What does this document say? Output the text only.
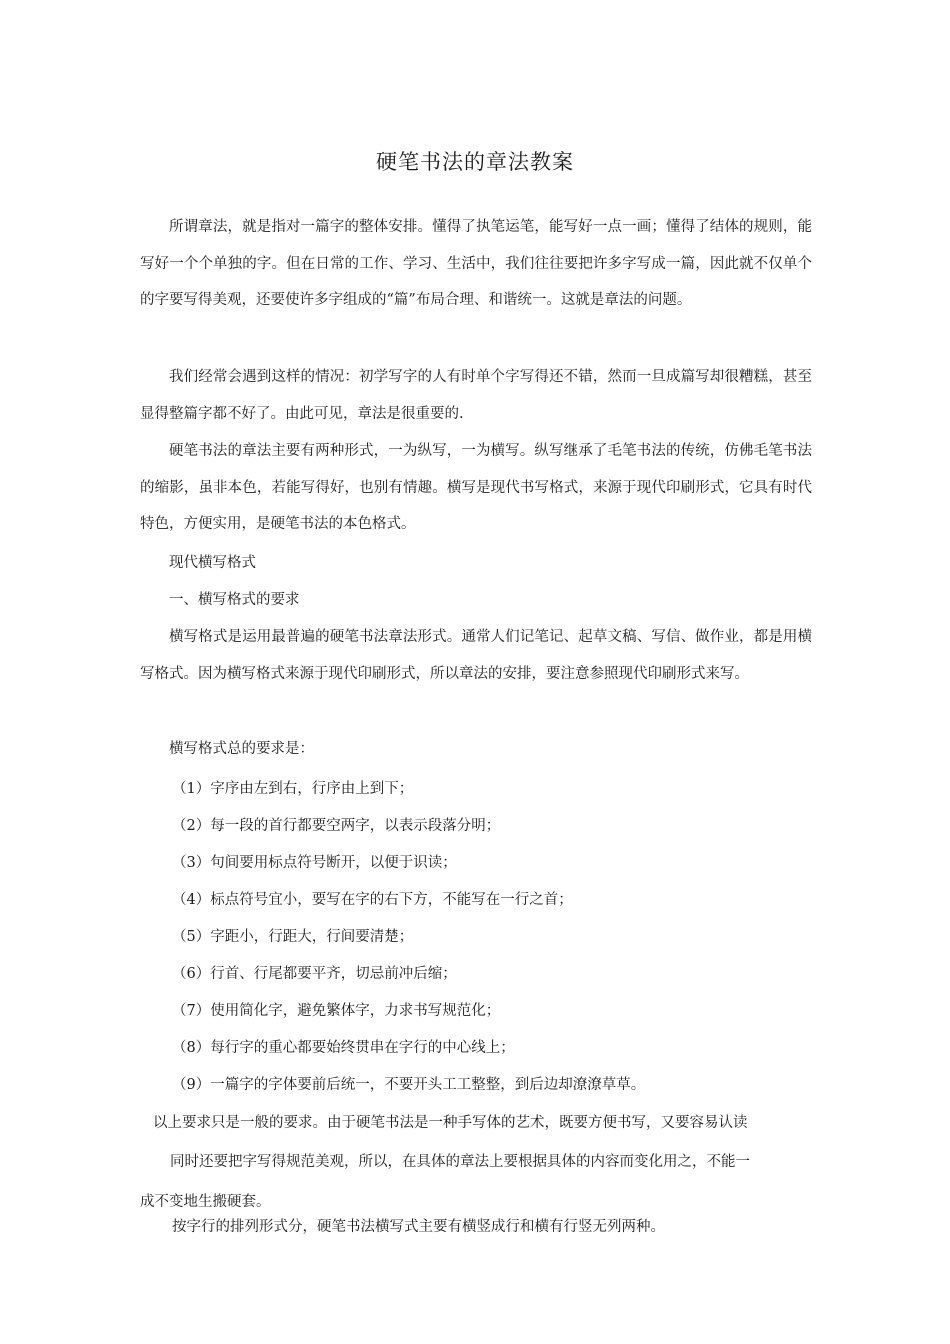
硬笔书法的章法教案

所谓章法，就是指对一篇字的整体安排。懂得了执笔运笔，能写好一点一画；懂得了结体的规则，能写好一个个单独的字。但在日常的工作、学习、生活中，我们往往要把许多字写成一篇，因此就不仅单个的字要写得美观，还要使许多字组成的“篇”布局合理、和谐统一。这就是章法的问题。

我们经常会遇到这样的情况：初学写字的人有时单个字写得还不错，然而一旦成篇写却很糟糕，甚至显得整篇字都不好了。由此可见，章法是很重要的.

硬笔书法的章法主要有两种形式，一为纵写，一为横写。纵写继承了毛笔书法的传统，仿佛毛笔书法的缩影，虽非本色，若能写得好，也别有情趣。横写是现代书写格式，来源于现代印刷形式，它具有时代特色，方便实用，是硬笔书法的本色格式。

现代横写格式

一、横写格式的要求

横写格式是运用最普遍的硬笔书法章法形式。通常人们记笔记、起草文稿、写信、做作业，都是用横写格式。因为横写格式来源于现代印刷形式，所以章法的安排，要注意参照现代印刷形式来写。

横写格式总的要求是：

（1）字序由左到右，行序由上到下；

（2）每一段的首行都要空两字，以表示段落分明；

（3）句间要用标点符号断开，以便于识读；

（4）标点符号宜小，要写在字的右下方，不能写在一行之首；

（5）字距小，行距大，行间要清楚；

（6）行首、行尾都要平齐，切忌前冲后缩；

（7）使用简化字，避免繁体字，力求书写规范化；

（8）每行字的重心都要始终贯串在字行的中心线上；

（9）一篇字的字体要前后统一，不要开头工工整整，到后边却潦潦草草。

以上要求只是一般的要求。由于硬笔书法是一种手写体的艺术，既要方便书写，又要容易认读

同时还要把字写得规范美观，所以，在具体的章法上要根据具体的内容而变化用之，不能一

成不变地生搬硬套。

按字行的排列形式分，硬笔书法横写式主要有横竖成行和横有行竖无列两种。
